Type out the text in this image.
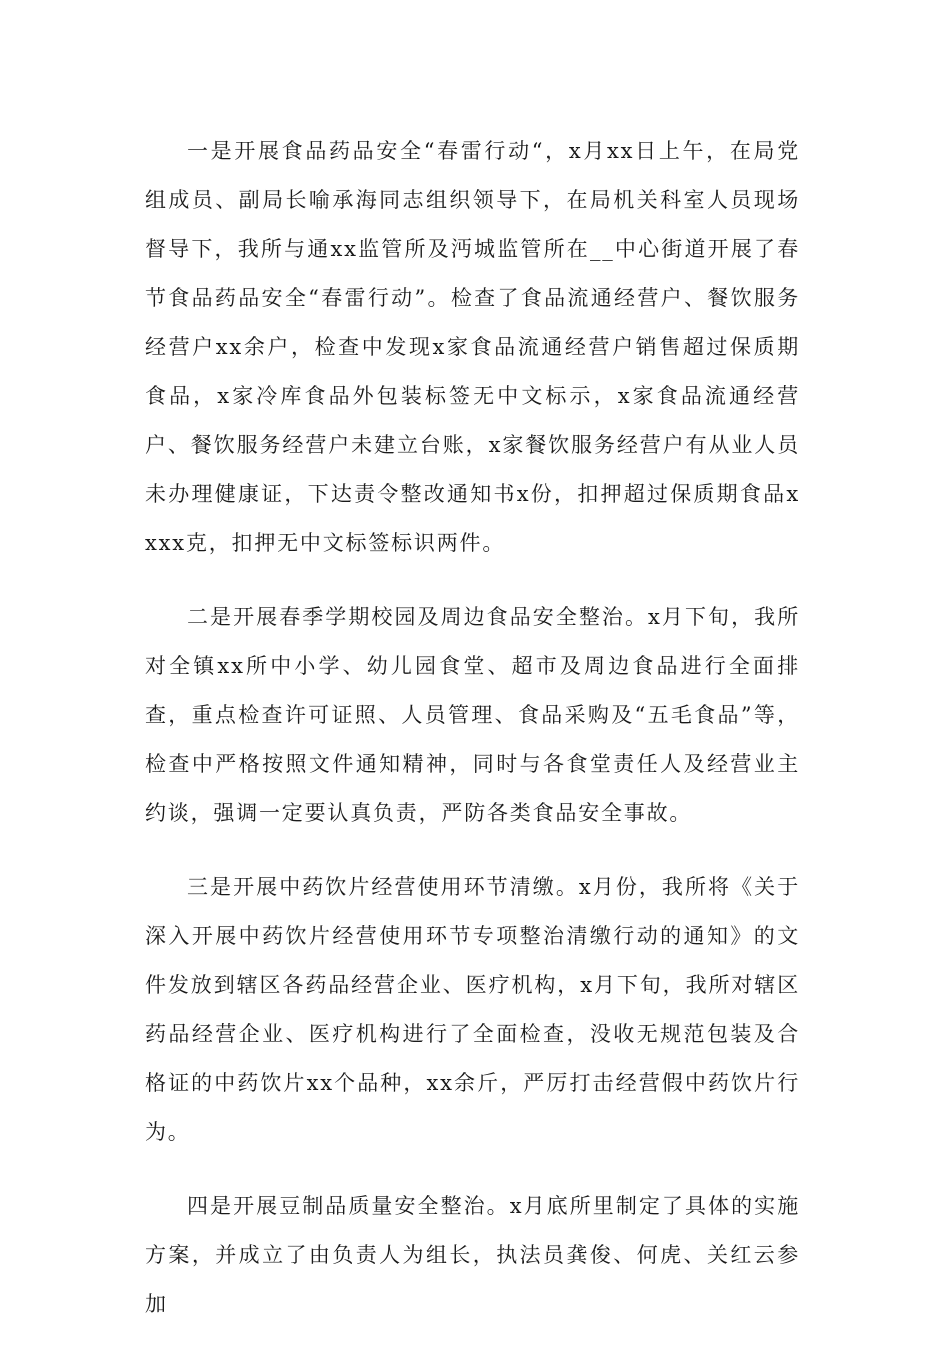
一是开展食品药品安全“春雷行动“，x月xx日上午，在局党组成员、副局长喻承海同志组织领导下，在局机关科室人员现场督导下，我所与通xx监管所及沔城监管所在__中心街道开展了春节食品药品安全“春雷行动”。检查了食品流通经营户、餐饮服务经营户xx余户，检查中发现x家食品流通经营户销售超过保质期食品，x家冷库食品外包装标签无中文标示，x家食品流通经营户、餐饮服务经营户未建立台账，x家餐饮服务经营户有从业人员未办理健康证，下达责令整改通知书x份，扣押超过保质期食品xxxx克，扣押无中文标签标识两件。

二是开展春季学期校园及周边食品安全整治。x月下旬，我所对全镇xx所中小学、幼儿园食堂、超市及周边食品进行全面排查，重点检查许可证照、人员管理、食品采购及“五毛食品”等，检查中严格按照文件通知精神，同时与各食堂责任人及经营业主约谈，强调一定要认真负责，严防各类食品安全事故。

三是开展中药饮片经营使用环节清缴。x月份，我所将《关于深入开展中药饮片经营使用环节专项整治清缴行动的通知》的文件发放到辖区各药品经营企业、医疗机构，x月下旬，我所对辖区药品经营企业、医疗机构进行了全面检查，没收无规范包装及合格证的中药饮片xx个品种，xx余斤，严厉打击经营假中药饮片行为。

四是开展豆制品质量安全整治。x月底所里制定了具体的实施方案，并成立了由负责人为组长，执法员龚俊、何虎、关红云参加
